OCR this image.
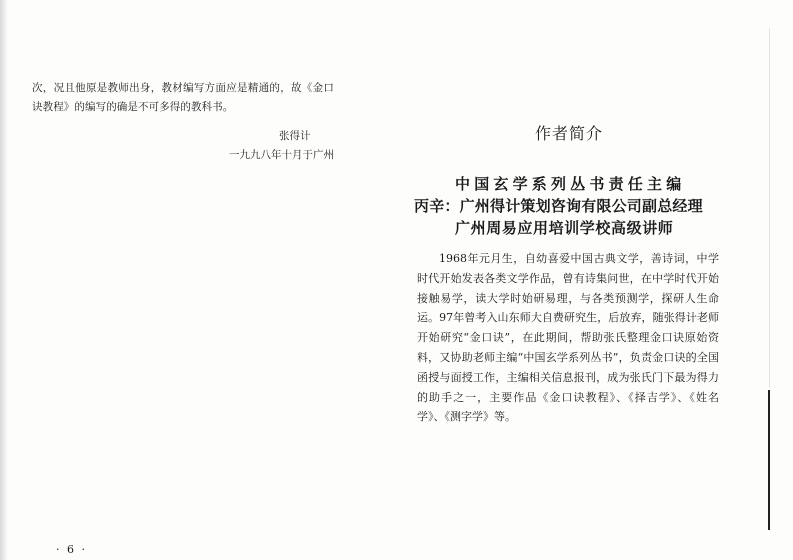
次，况且他原是教师出身，教材编写方面应是精通的，故《金口诀教程》的编写的确是不可多得的教科书。

张得计
一九九八年十月于广州
· 6 ·
作者简介
中国玄学系列丛书责任主编
丙辛：广州得计策划咨询有限公司副总经理
广州周易应用培训学校高级讲师

1968年元月生，自幼喜爱中国古典文学，善诗词，中学时代开始发表各类文学作品，曾有诗集问世，在中学时代开始接触易学，读大学时始研易理，与各类预测学，探研人生命运。97年曾考入山东师大自费研究生，后放弃，随张得计老师开始研究“金口诀”，在此期间，帮助张氏整理金口诀原始资料，又协助老师主编“中国玄学系列丛书”，负责金口诀的全国函授与面授工作，主编相关信息报刊，成为张氏门下最为得力的助手之一，主要作品《金口诀教程》、《择吉学》、《姓名学》、《测字学》等。
